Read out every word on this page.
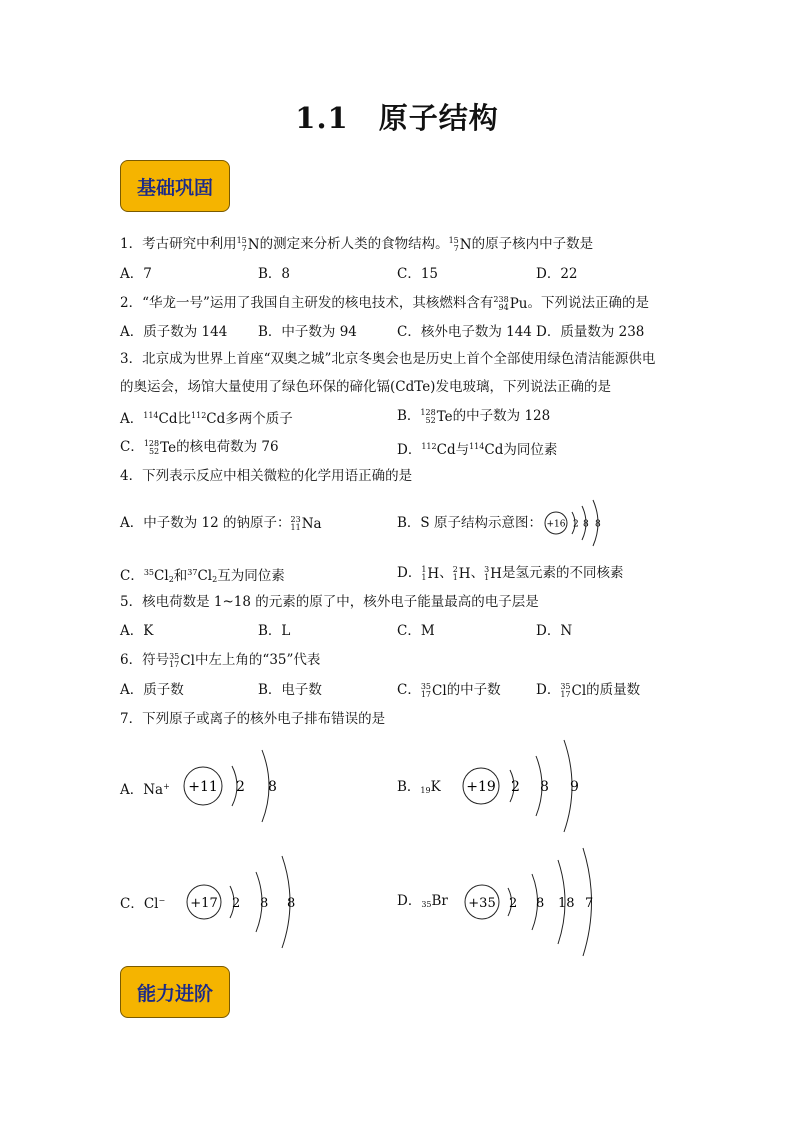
1.1　原子结构
基础巩固
1．考古研究中利用 15
7 N的测定来分析人类的食物结构。 15
7 N的原子核内中子数是
A．7	B．8	C．15	D．22
2．“华龙一号”运用了我国自主研发的核电技术，其核燃料含有 238
94 Pu。下列说法正确的是
A．质子数为 144 B．中子数为 94	C．核外电子数为 144 D．质量数为 238
3．北京成为世界上首座“双奥之城”北京冬奥会也是历史上首个全部使用绿色清洁能源供电
的奥运会，场馆大量使用了绿色环保的碲化镉(CdTe)发电玻璃，下列说法正确的是
A．$^{114}$Cd比$^{112}$Cd多两个质子	B． 128
52 Te的中子数为 128
C． 128
52 Te的核电荷数为 76	D．$^{112}$Cd与$^{114}$Cd为同位素
4．下列表示反应中相关微粒的化学用语正确的是
A．中子数为 12 的钠原子： 23
11 Na	B．S 原子结构示意图： +16 2 8 8
C．$^{35}Cl_2$和$^{37}Cl_2$互为同位素	D． 1
1 H、 2
1 H、 3
1 H是氢元素的不同核素
5．核电荷数是 1~18 的元素的原了中，核外电子能量最高的电子层是
A．K	B．L	C．M	D．N
6．符号 35
17 Cl中左上角的“35”代表
A．质子数	B．电子数	C． 35
17 Cl的中子数	D． 35
17 Cl的质量数
7．下列原子或离子的核外电子排布错误的是
A．Na+ +11 2 8	B．$_{19}$K +19 2 8 9
C．Cl− +17 2 8 8	D．$_{35}$Br +35 2 8 18 7
能力进阶
